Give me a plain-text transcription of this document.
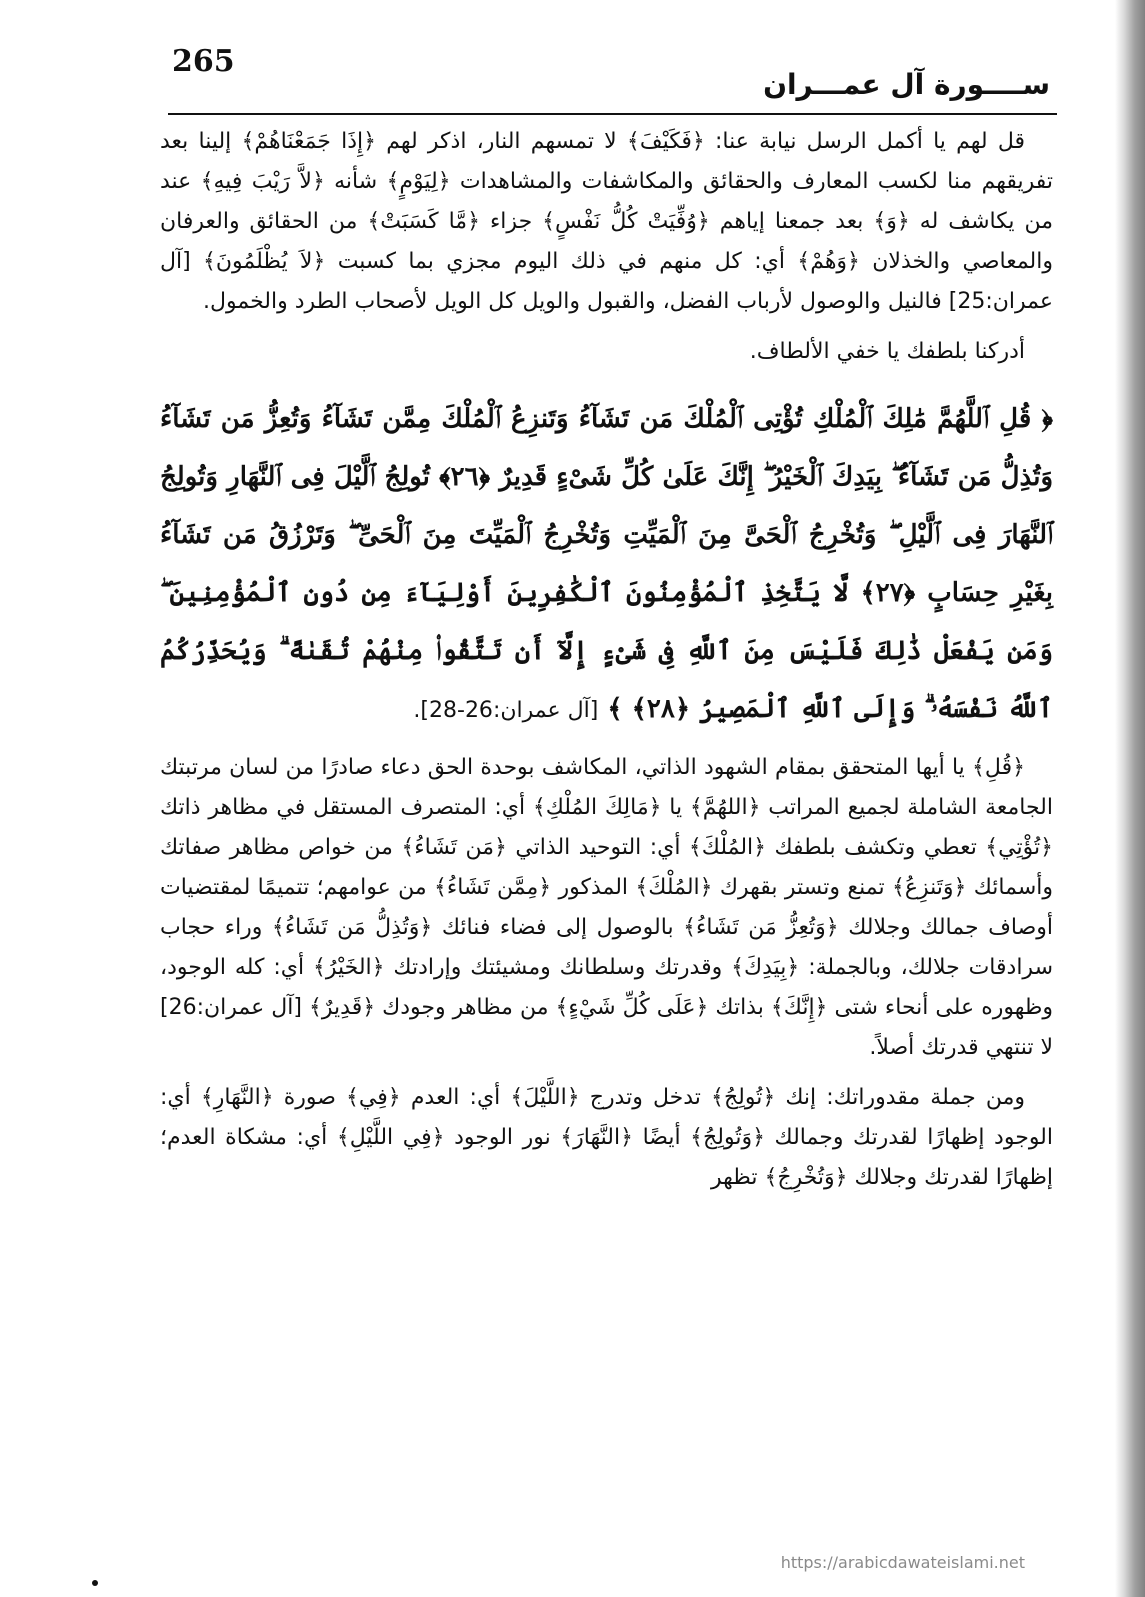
265
ســــورة آل عمـــران

قل لهم يا أكمل الرسل نيابة عنا: ﴿فَكَيْفَ﴾ لا تمسهم النار، اذكر لهم ﴿إِذَا جَمَعْنَاهُمْ﴾ إلينا بعد تفريقهم منا لكسب المعارف والحقائق والمكاشفات والمشاهدات ﴿لِيَوْمٍ﴾ شأنه ﴿لاَّ رَيْبَ فِيهِ﴾ عند من يكاشف له ﴿وَ﴾ بعد جمعنا إياهم ﴿وُفِّيَتْ كُلُّ نَفْسٍ﴾ جزاء ﴿مَّا كَسَبَتْ﴾ من الحقائق والعرفان والمعاصي والخذلان ﴿وَهُمْ﴾ أي: كل منهم في ذلك اليوم مجزي بما كسبت ﴿لاَ يُظْلَمُونَ﴾ [آل عمران:25] فالنيل والوصول لأرباب الفضل، والقبول والويل كل الويل لأصحاب الطرد والخمول.

أدركنا بلطفك يا خفي الألطاف.

﴿ قُلِ ٱللَّهُمَّ مَٰلِكَ ٱلْمُلْكِ تُؤْتِى ٱلْمُلْكَ مَن تَشَآءُ وَتَنزِعُ ٱلْمُلْكَ مِمَّن تَشَآءُ وَتُعِزُّ مَن تَشَآءُ وَتُذِلُّ مَن تَشَآءُ ۖ بِيَدِكَ ٱلْخَيْرُ ۖ إِنَّكَ عَلَىٰ كُلِّ شَىْءٍ قَدِيرٌ ﴿٢٦﴾ تُولِجُ ٱلَّيْلَ فِى ٱلنَّهَارِ وَتُولِجُ ٱلنَّهَارَ فِى ٱلَّيْلِ ۖ وَتُخْرِجُ ٱلْحَىَّ مِنَ ٱلْمَيِّتِ وَتُخْرِجُ ٱلْمَيِّتَ مِنَ ٱلْحَىِّ ۖ وَتَرْزُقُ مَن تَشَآءُ بِغَيْرِ حِسَابٍ ﴿٢٧﴾ لَّا يَتَّخِذِ ٱلْمُؤْمِنُونَ ٱلْكَٰفِرِينَ أَوْلِيَآءَ مِن دُونِ ٱلْمُؤْمِنِينَ ۖ وَمَن يَفْعَلْ ذَٰلِكَ فَلَيْسَ مِنَ ٱللَّهِ فِى شَىْءٍ إِلَّآ أَن تَتَّقُوا۟ مِنْهُمْ تُقَىٰةً ۗ وَيُحَذِّرُكُمُ ٱللَّهُ نَفْسَهُۥ ۗ وَإِلَى ٱللَّهِ ٱلْمَصِيرُ ﴿٢٨﴾ ﴾ [آل عمران:26-28].

﴿قُلِ﴾ يا أيها المتحقق بمقام الشهود الذاتي، المكاشف بوحدة الحق دعاء صادرًا من لسان مرتبتك الجامعة الشاملة لجميع المراتب ﴿اللهُمَّ﴾ يا ﴿مَالِكَ المُلْكِ﴾ أي: المتصرف المستقل في مظاهر ذاتك ﴿تُؤْتِي﴾ تعطي وتكشف بلطفك ﴿المُلْكَ﴾ أي: التوحيد الذاتي ﴿مَن تَشَاءُ﴾ من خواص مظاهر صفاتك وأسمائك ﴿وَتَنزِعُ﴾ تمنع وتستر بقهرك ﴿المُلْكَ﴾ المذكور ﴿مِمَّن تَشَاءُ﴾ من عوامهم؛ تتميمًا لمقتضيات أوصاف جمالك وجلالك ﴿وَتُعِزُّ مَن تَشَاءُ﴾ بالوصول إلى فضاء فنائك ﴿وَتُذِلُّ مَن تَشَاءُ﴾ وراء حجاب سرادقات جلالك، وبالجملة: ﴿بِيَدِكَ﴾ وقدرتك وسلطانك ومشيئتك وإرادتك ﴿الخَيْرُ﴾ أي: كله الوجود، وظهوره على أنحاء شتى ﴿إِنَّكَ﴾ بذاتك ﴿عَلَى كُلِّ شَيْءٍ﴾ من مظاهر وجودك ﴿قَدِيرٌ﴾ [آل عمران:26] لا تنتهي قدرتك أصلاً.

ومن جملة مقدوراتك: إنك ﴿تُولِجُ﴾ تدخل وتدرج ﴿اللَّيْلَ﴾ أي: العدم ﴿فِي﴾ صورة ﴿النَّهَارِ﴾ أي: الوجود إظهارًا لقدرتك وجمالك ﴿وَتُولِجُ﴾ أيضًا ﴿النَّهَارَ﴾ نور الوجود ﴿فِي اللَّيْلِ﴾ أي: مشكاة العدم؛ إظهارًا لقدرتك وجلالك ﴿وَتُخْرِجُ﴾ تظهر

https://arabicdawateislami.net
